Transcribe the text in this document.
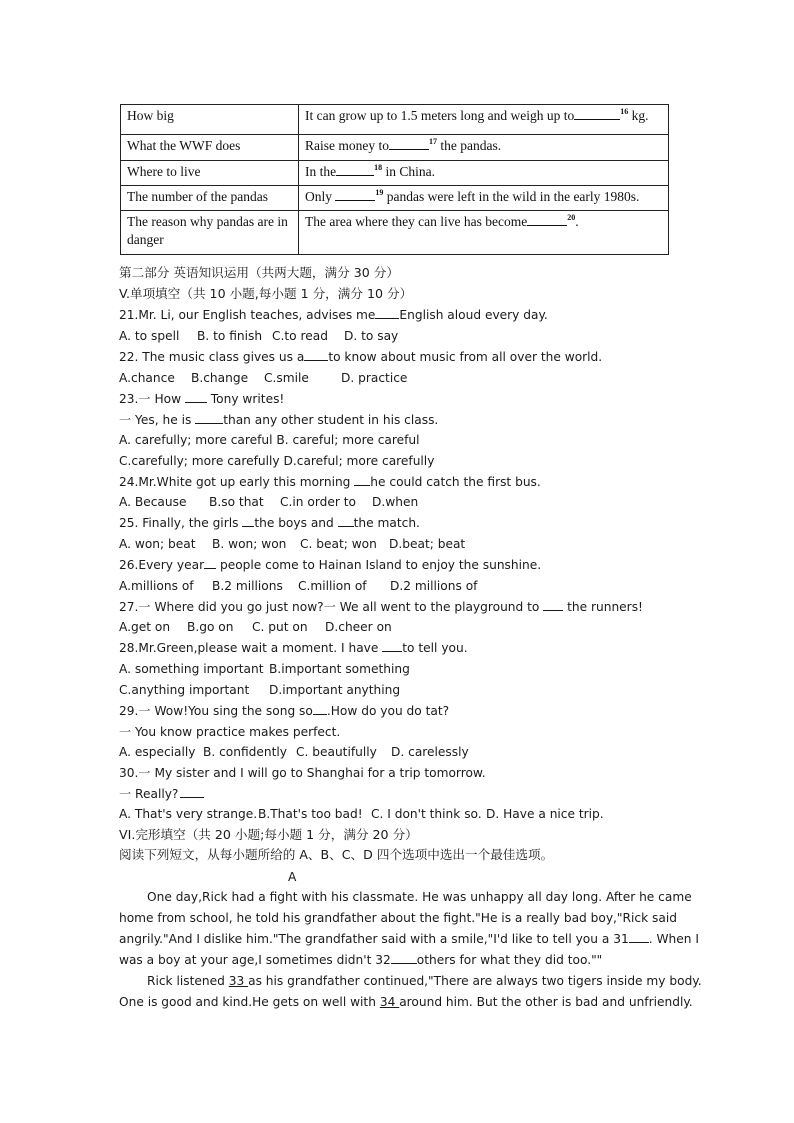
How big	It can grow up to 1.5 meters long and weigh up to $^{16}$ kg.
What the WWF does	Raise money to $^{17}$ the pandas.
Where to live	In the $^{18}$ in China.
The number of the pandas	Only $^{19}$ pandas were left in the wild in the early 1980s.
The reason why pandas are in danger	The area where they can live has become $^{20}$.
第二部分 英语知识运用（共两大题，满分 30 分）
V.单项填空（共 10 小题,每小题 1 分，满分 10 分）
21.Mr. Li, our English teaches, advises me English aloud every day.
A. to spell B. to finish C.to read D. to say
22. The music class gives us a to know about music from all over the world.
A.chance B.change C.smile	D. practice
23.一 How  Tony writes!
一 Yes, he is than any other student in his class.
A. carefully; more careful B. careful; more careful
C.carefully; more carefully D.careful; more carefully
24.Mr.White got up early this morning he could catch the first bus.
A. Because B.so that C.in order to D.when
25. Finally, the girls the boys and the match.
A. won; beat B. won; won C. beat; won D.beat; beat
26.Every year people come to Hainan Island to enjoy the sunshine.
A.millions of B.2 millions C.million of D.2 millions of
27.一 Where did you go just now?一 We all went to the playground to  the runners!
A.get on B.go on C. put on D.cheer on
28.Mr.Green,please wait a moment. I have to tell you.
A. something important B.important something
C.anything important D.important anything
29.一 Wow!You sing the song so .How do you do tat?
一 You know practice makes perfect.
A. especially B. confidently C. beautifully D. carelessly
30.一 My sister and I will go to Shanghai for a trip tomorrow.
一 Really?
A. That's very strange.B.That's too bad! C. I don't think so. D. Have a nice trip.
VI.完形填空（共 20 小题;每小题 1 分，满分 20 分）
阅读下列短文，从每小题所给的 A、B、C、D 四个选项中选出一个最佳选项。
A
One day,Rick had a fight with his classmate. He was unhappy all day long. After he came
home from school, he told his grandfather about the fight."He is a really bad boy,"Rick said
angrily."And I dislike him."The grandfather said with a smile,"I'd like to tell you a 31 . When I
was a boy at your age,I sometimes didn't 32 others for what they did too.""
Rick listened 33 as his grandfather continued,"There are always two tigers inside my body.
One is good and kind.He gets on well with 34 around him. But the other is bad and unfriendly.
